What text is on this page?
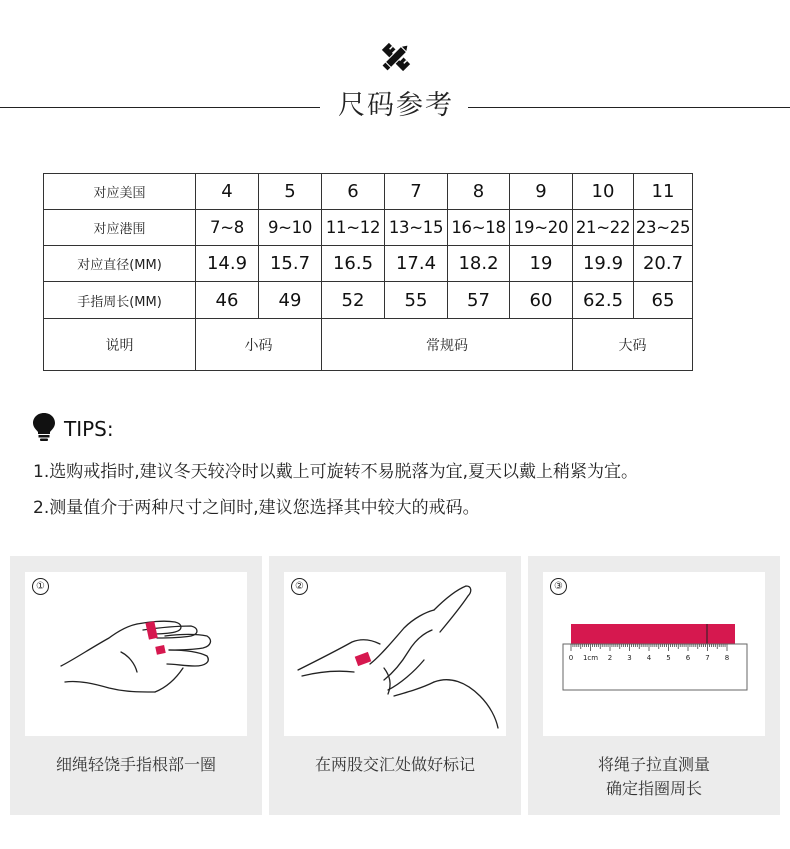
尺码参考
对应美国	4	5	6	7	8	9	10	11
对应港围	7~8	9~10	11~12	13~15	16~18	19~20	21~22	23~25
对应直径(MM)	14.9	15.7	16.5	17.4	18.2	19	19.9	20.7
手指周长(MM)	46	49	52	55	57	60	62.5	65
说明	小码		常规码				大码	
TIPS:
1.选购戒指时,建议冬天较冷时以戴上可旋转不易脱落为宜,夏天以戴上稍紧为宜。
2.测量值介于两种尺寸之间时,建议您选择其中较大的戒码。
①
细绳轻饶手指根部一圈
②
在两股交汇处做好标记
③
0 1cm 2 3 4 5 6 7 8
将绳子拉直测量
确定指圈周长
